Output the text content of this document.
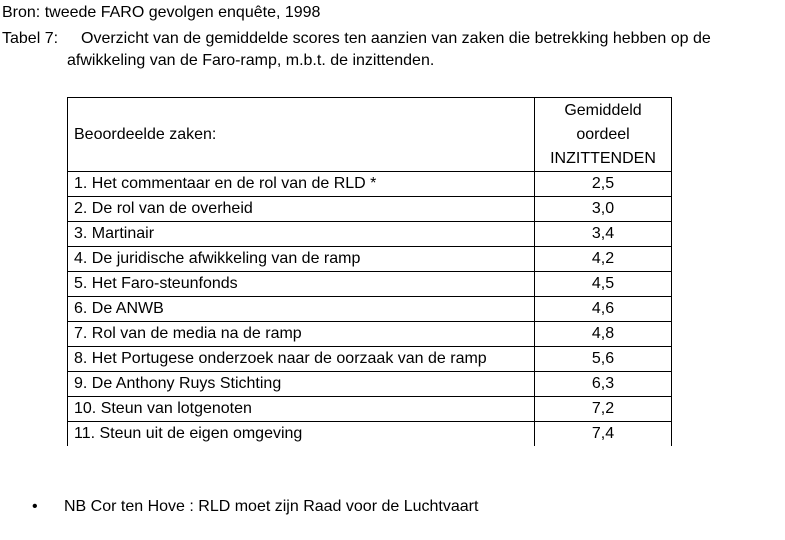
Bron: tweede FARO gevolgen enquête, 1998
Tabel 7: Overzicht van de gemiddelde scores ten aanzien van zaken die betrekking hebben op de
afwikkeling van de Faro-ramp, m.b.t. de inzittenden.
Beoordeelde zaken:	Gemiddeld
oordeel
INZITTENDEN

1. Het commentaar en de rol van de RLD *	2,5
2. De rol van de overheid	3,0
3. Martinair	3,4
4. De juridische afwikkeling van de ramp	4,2
5. Het Faro-steunfonds	4,5
6. De ANWB	4,6
7. Rol van de media na de ramp	4,8
8. Het Portugese onderzoek naar de oorzaak van de ramp	5,6
9. De Anthony Ruys Stichting	6,3
10. Steun van lotgenoten	7,2
11. Steun uit de eigen omgeving	7,4
• NB Cor ten Hove : RLD moet zijn Raad voor de Luchtvaart
